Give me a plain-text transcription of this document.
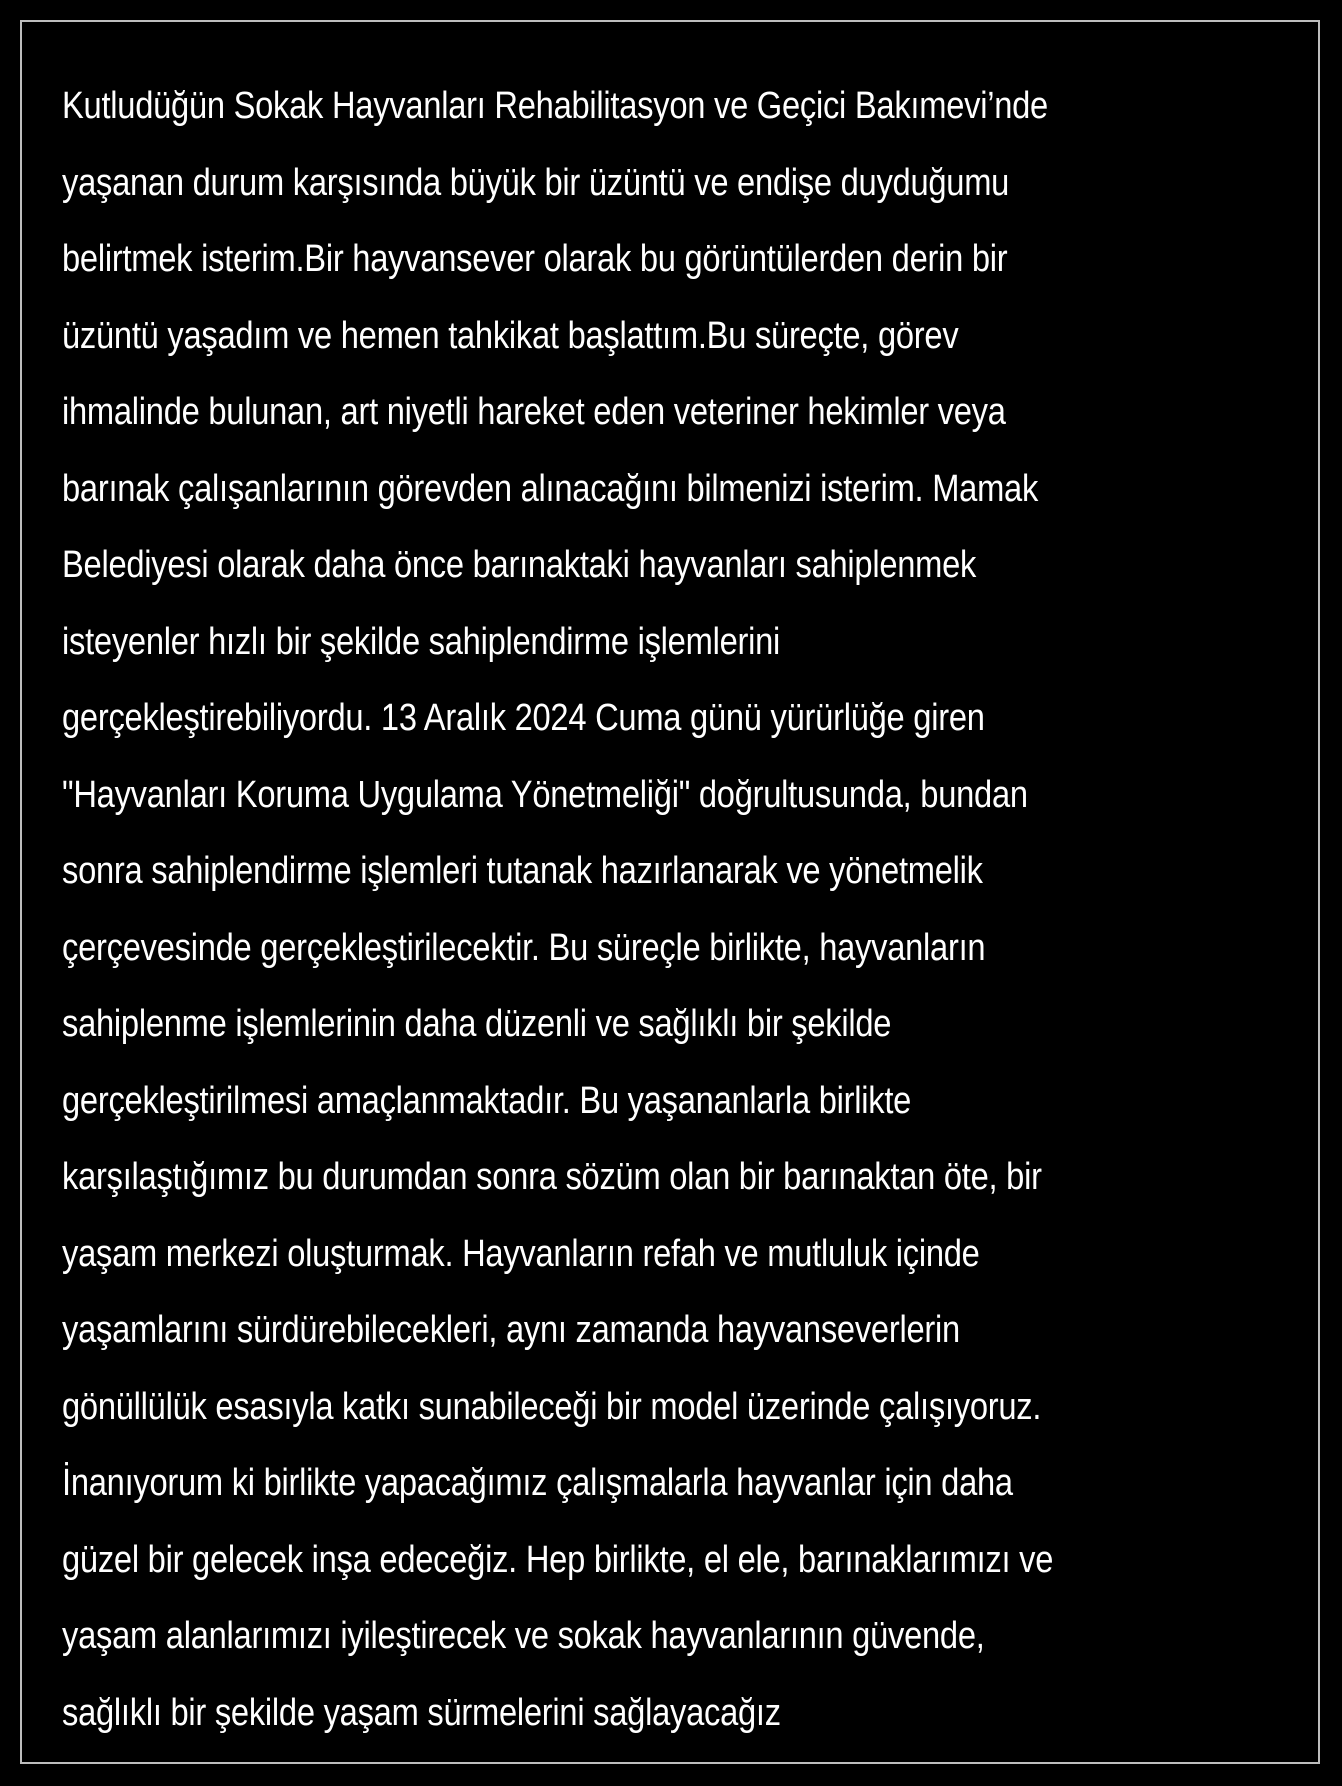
Kutludüğün Sokak Hayvanları Rehabilitasyon ve Geçici Bakımevi’nde
yaşanan durum karşısında büyük bir üzüntü ve endişe duyduğumu
belirtmek isterim.Bir hayvansever olarak bu görüntülerden derin bir
üzüntü yaşadım ve hemen tahkikat başlattım.Bu süreçte, görev
ihmalinde bulunan, art niyetli hareket eden veteriner hekimler veya
barınak çalışanlarının görevden alınacağını bilmenizi isterim. Mamak
Belediyesi olarak daha önce barınaktaki hayvanları sahiplenmek
isteyenler hızlı bir şekilde sahiplendirme işlemlerini
gerçekleştirebiliyordu. 13 Aralık 2024 Cuma günü yürürlüğe giren
"Hayvanları Koruma Uygulama Yönetmeliği" doğrultusunda, bundan
sonra sahiplendirme işlemleri tutanak hazırlanarak ve yönetmelik
çerçevesinde gerçekleştirilecektir. Bu süreçle birlikte, hayvanların
sahiplenme işlemlerinin daha düzenli ve sağlıklı bir şekilde
gerçekleştirilmesi amaçlanmaktadır. Bu yaşananlarla birlikte
karşılaştığımız bu durumdan sonra sözüm olan bir barınaktan öte, bir
yaşam merkezi oluşturmak. Hayvanların refah ve mutluluk içinde
yaşamlarını sürdürebilecekleri, aynı zamanda hayvanseverlerin
gönüllülük esasıyla katkı sunabileceği bir model üzerinde çalışıyoruz.
İnanıyorum ki birlikte yapacağımız çalışmalarla hayvanlar için daha
güzel bir gelecek inşa edeceğiz. Hep birlikte, el ele, barınaklarımızı ve
yaşam alanlarımızı iyileştirecek ve sokak hayvanlarının güvende,
sağlıklı bir şekilde yaşam sürmelerini sağlayacağız
